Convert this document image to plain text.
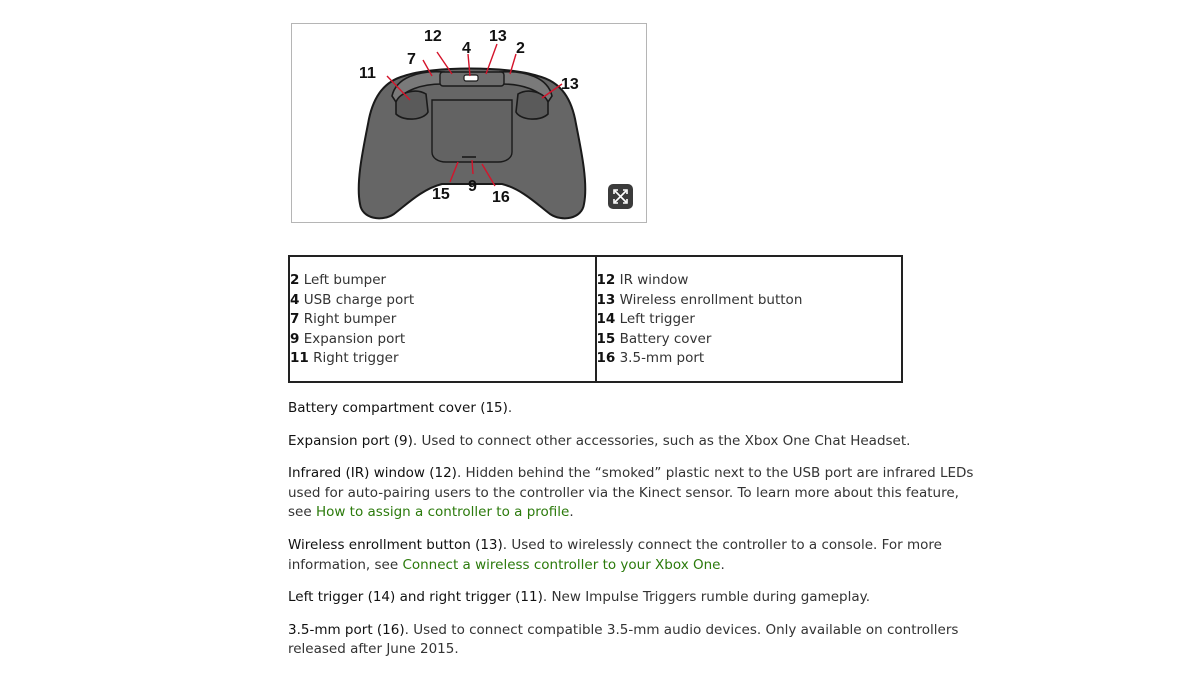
12
4
13
2
7
11
13
15 9
16
2 Left bumper
4 USB charge port
7 Right bumper
9 Expansion port
11 Right trigger
12 IR window
13 Wireless enrollment button
14 Left trigger
15 Battery cover
16 3.5-mm port

Battery compartment cover (15).

Expansion port (9). Used to connect other accessories, such as the Xbox One Chat Headset.

Infrared (IR) window (12). Hidden behind the “smoked” plastic next to the USB port are infrared LEDs used for auto-pairing users to the controller via the Kinect sensor. To learn more about this feature, see How to assign a controller to a profile.

Wireless enrollment button (13). Used to wirelessly connect the controller to a console. For more information, see Connect a wireless controller to your Xbox One.

Left trigger (14) and right trigger (11). New Impulse Triggers rumble during gameplay.

3.5-mm port (16). Used to connect compatible 3.5-mm audio devices. Only available on controllers released after June 2015.
